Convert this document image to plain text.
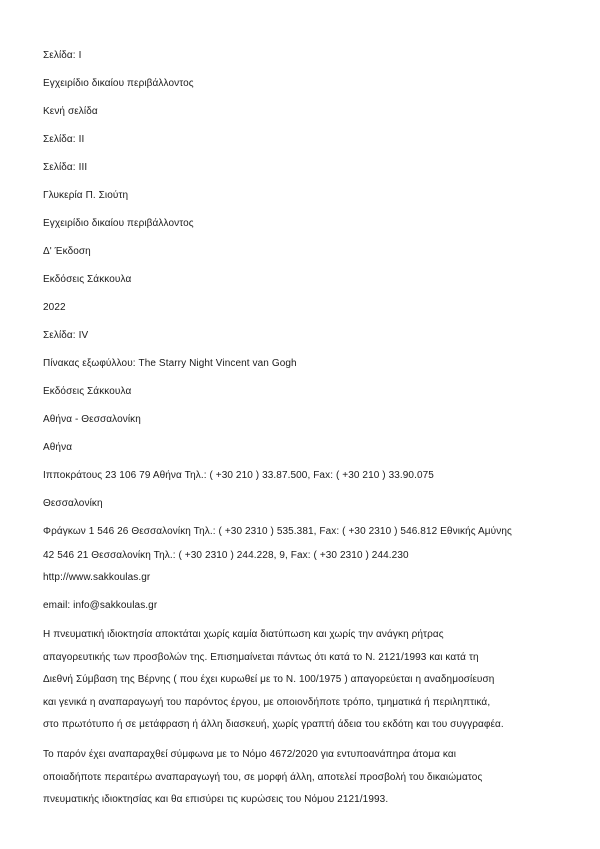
Σελίδα: I
Εγχειρίδιο δικαίου περιβάλλοντος
Κενή σελίδα
Σελίδα: II
Σελίδα: III
Γλυκερία Π. Σιούτη
Εγχειρίδιο δικαίου περιβάλλοντος
Δ' Έκδοση
Εκδόσεις Σάκκουλα
2022
Σελίδα: IV
Πίνακας εξωφύλλου: The Starry Night Vincent van Gogh
Εκδόσεις Σάκκουλα
Αθήνα - Θεσσαλονίκη
Αθήνα
Ιπποκράτους 23 106 79 Αθήνα Τηλ.: ( +30 210 ) 33.87.500, Fax: ( +30 210 ) 33.90.075
Θεσσαλονίκη
Φράγκων 1 546 26 Θεσσαλονίκη Τηλ.: ( +30 2310 ) 535.381, Fax: ( +30 2310 ) 546.812 Εθνικής Αμύνης
42 546 21 Θεσσαλονίκη Τηλ.: ( +30 2310 ) 244.228, 9, Fax: ( +30 2310 ) 244.230
http://www.sakkoulas.gr
email: info@sakkoulas.gr
Η πνευματική ιδιοκτησία αποκτάται χωρίς καμία διατύπωση και χωρίς την ανάγκη ρήτρας
απαγορευτικής των προσβολών της. Επισημαίνεται πάντως ότι κατά το Ν. 2121/1993 και κατά τη
Διεθνή Σύμβαση της Βέρνης ( που έχει κυρωθεί με το Ν. 100/1975 ) απαγορεύεται η αναδημοσίευση
και γενικά η αναπαραγωγή του παρόντος έργου, με οποιονδήποτε τρόπο, τμηματικά ή περιληπτικά,
στο πρωτότυπο ή σε μετάφραση ή άλλη διασκευή, χωρίς γραπτή άδεια του εκδότη και του συγγραφέα.
Το παρόν έχει αναπαραχθεί σύμφωνα με το Νόμο 4672/2020 για εντυποανάπηρα άτομα και
οποιαδήποτε περαιτέρω αναπαραγωγή του, σε μορφή άλλη, αποτελεί προσβολή του δικαιώματος
πνευματικής ιδιοκτησίας και θα επισύρει τις κυρώσεις του Νόμου 2121/1993.
